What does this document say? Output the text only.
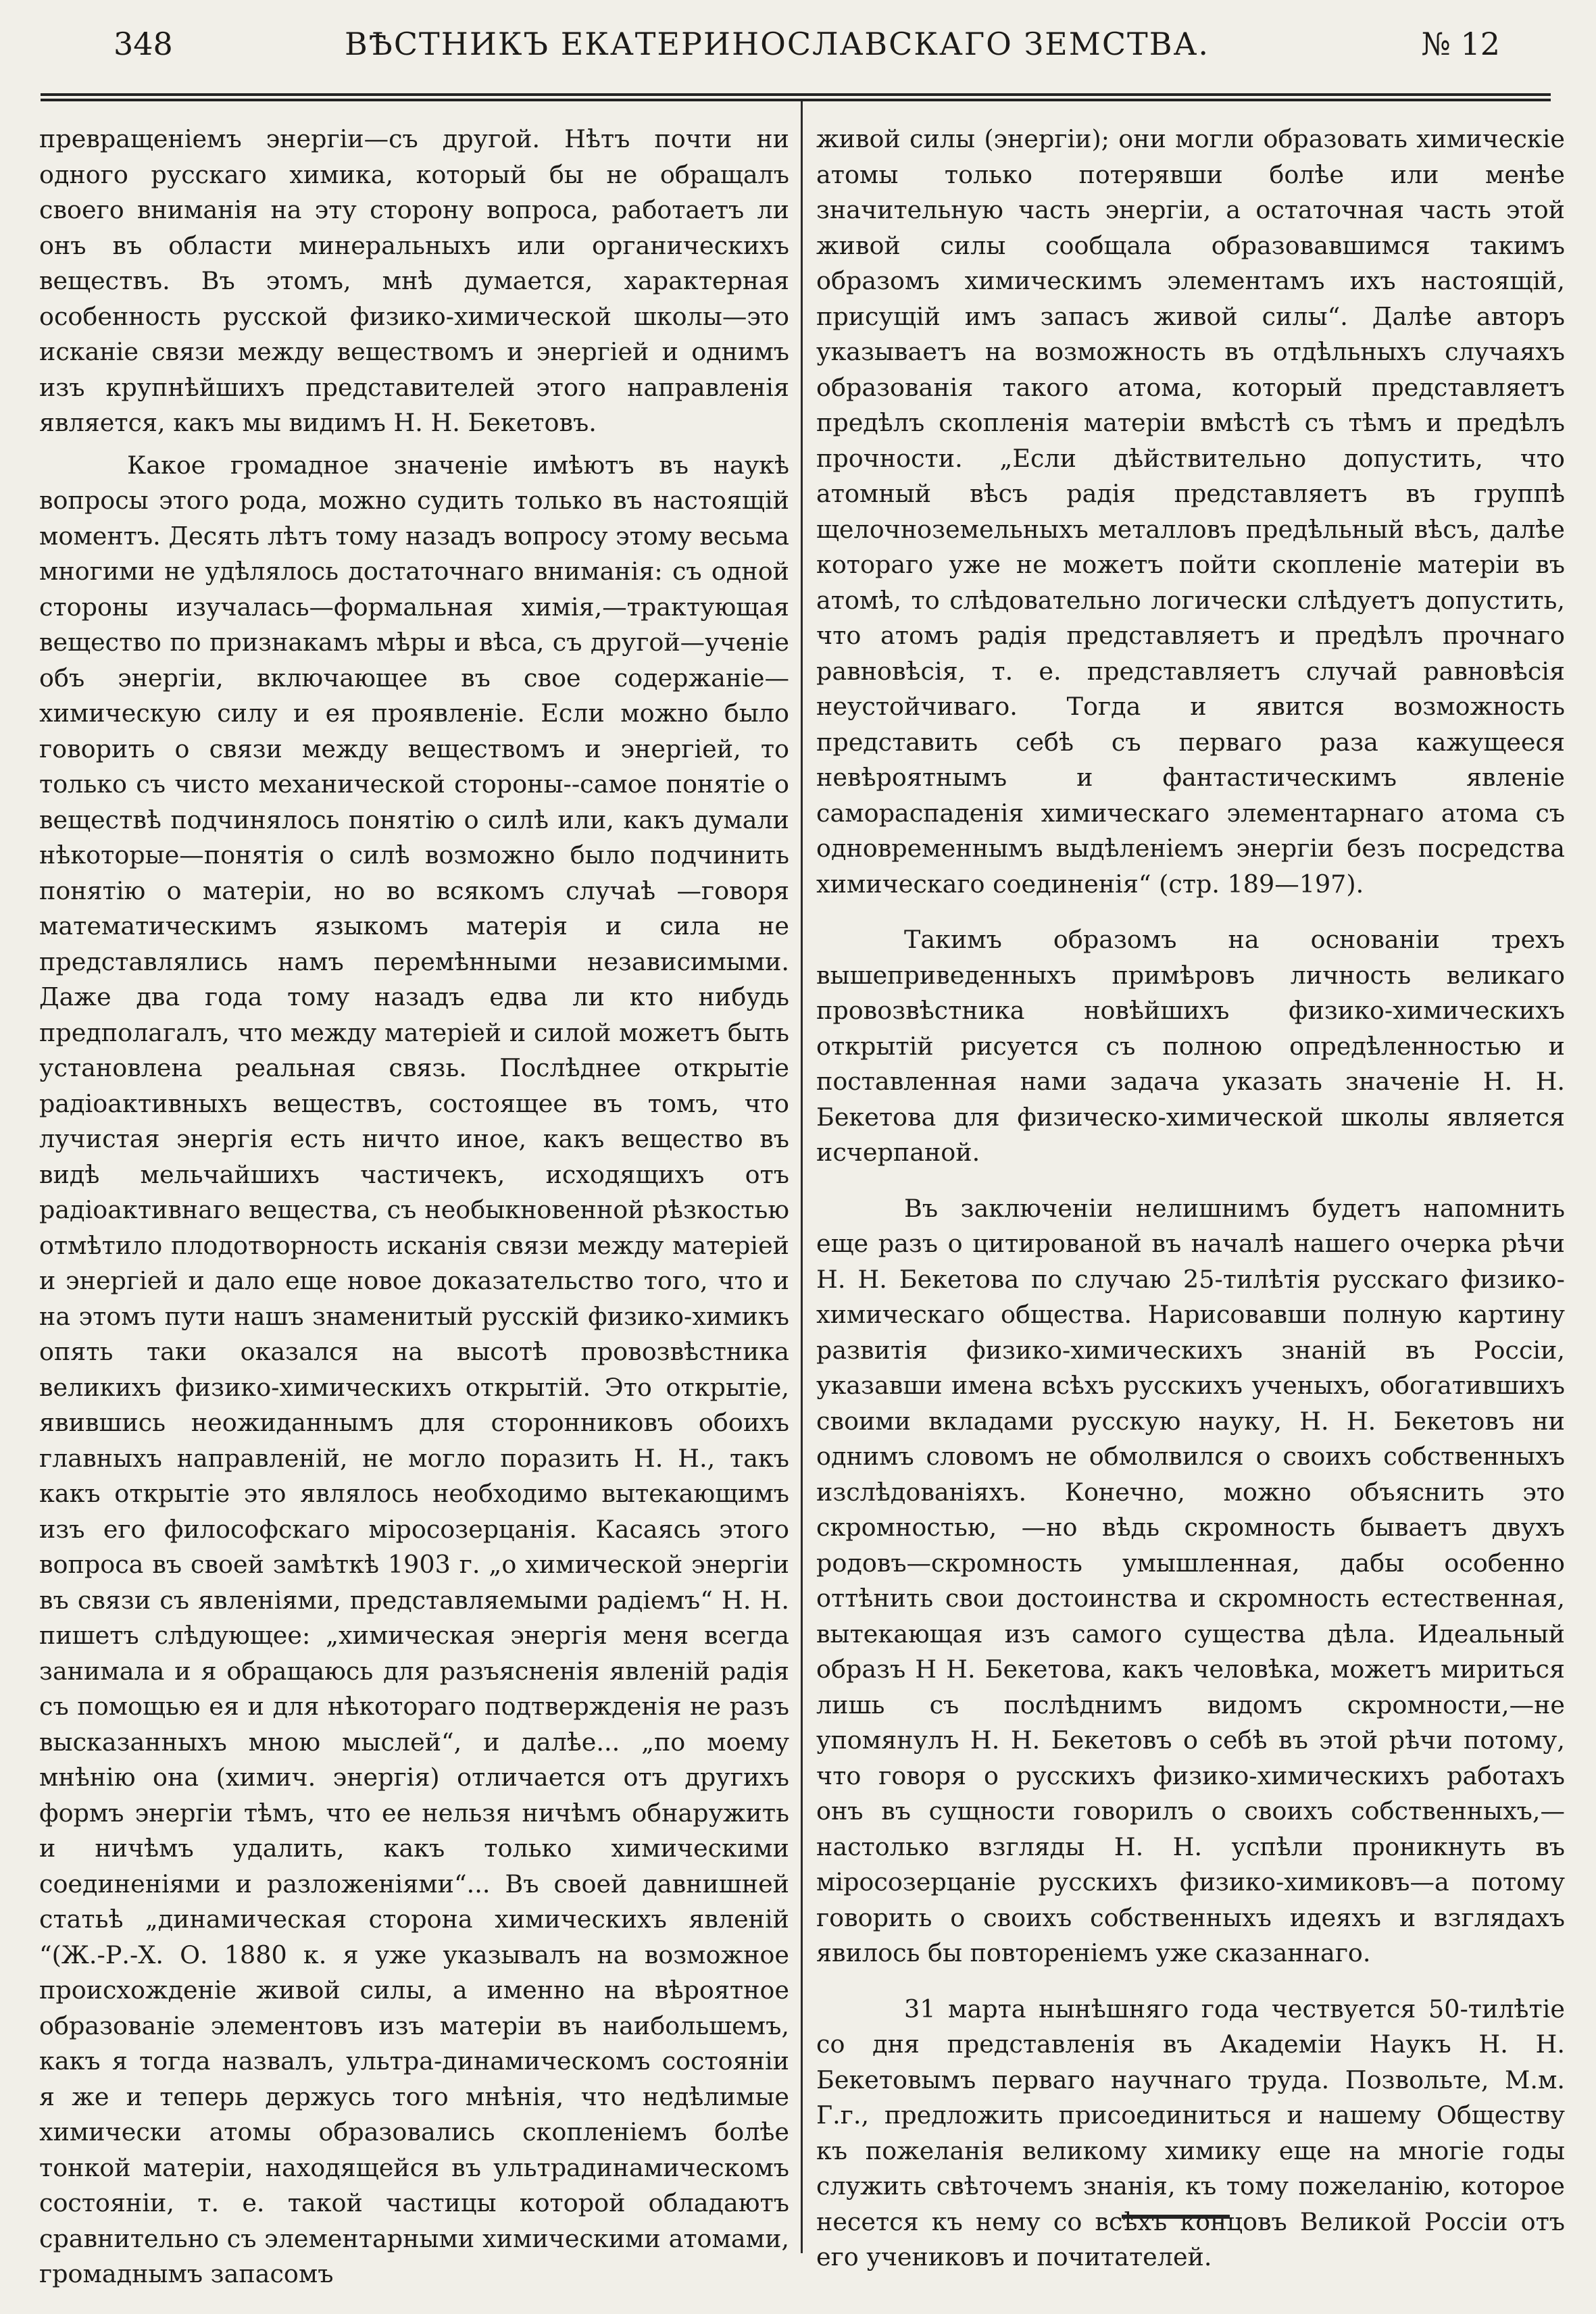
348	ВѢСТНИКЪ ЕКАТЕРИНОСЛАВСКАГО ЗЕМСТВА.	№ 12

превращенiемъ энергiи—съ другой. Нѣтъ почти ни одного русскаго химика, который бы не обращалъ своего вниманiя на эту сторону вопроса, работаетъ ли онъ въ области минеральныхъ или органическихъ веществъ. Въ этомъ, мнѣ думается, характерная особенность русской физико-химической школы—это исканiе связи между веществомъ и энергiей и однимъ изъ крупнѣйшихъ представителей этого направленiя является, какъ мы видимъ Н. Н. Бекетовъ.

Какое громадное значенiе имѣютъ въ наукѣ вопросы этого рода, можно судить только въ настоящiй моментъ. Десять лѣтъ тому назадъ вопросу этому весьма многими не удѣлялось достаточнаго вниманiя: съ одной стороны изучалась—формальная химiя,—трактующая вещество по признакамъ мѣры и вѣса, съ другой—ученiе объ энергiи, включающее въ свое содержанiе—химическую силу и ея проявленiе. Если можно было говорить о связи между веществомъ и энергiей, то только съ чисто механической стороны--самое понятiе о веществѣ подчинялось понятiю о силѣ или, какъ думали нѣкоторые—понятiя о силѣ возможно было подчинить понятiю о матерiи, но во всякомъ случаѣ —говоря математическимъ языкомъ матерiя и сила не представлялись намъ перемѣнными независимыми. Даже два года тому назадъ едва ли кто нибудь предполагалъ, что между матерiей и силой можетъ быть установлена реальная связь. Послѣднее открытiе радiоактивныхъ веществъ, состоящее въ томъ, что лучистая энергiя есть ничто иное, какъ вещество въ видѣ мельчайшихъ частичекъ, исходящихъ отъ радiоактивнаго вещества, съ необыкновенной рѣзкостью отмѣтило плодотворность исканiя связи между матерiей и энергiей и дало еще новое доказательство того, что и на этомъ пути нашъ знаменитый русскiй физико-химикъ опять таки оказался на высотѣ провозвѣстника великихъ физико-химическихъ открытiй. Это открытiе, явившись неожиданнымъ для сторонниковъ обоихъ главныхъ направленiй, не могло поразить Н. Н., такъ какъ открытiе это являлось необходимо вытекающимъ изъ его философскаго мiросозерцанiя. Касаясь этого вопроса въ своей замѣткѣ 1903 г. „о химической энергiи въ связи съ явленiями, представляемыми радiемъ“ Н. Н. пишетъ слѣдующее: „химическая энергiя меня всегда занимала и я обращаюсь для разъясненiя явленiй радiя съ помощью ея и для нѣкотораго подтвержденiя не разъ высказанныхъ мною мыслей“, и далѣе... „по моему мнѣнiю она (химич. энергiя) отличается отъ другихъ формъ энергiи тѣмъ, что ее нельзя ничѣмъ обнаружить и ничѣмъ удалить, какъ только химическими соединенiями и разложенiями“... Въ своей давнишней статьѣ „динамическая сторона химическихъ явленiй “(Ж.-Р.-Х. О. 1880 к. я уже указывалъ на возможное происхожденiе живой силы, а именно на вѣроятное образованiе элементовъ изъ матерiи въ наибольшемъ, какъ я тогда назвалъ, ультра-динамическомъ состоянiи я же и теперь держусь того мнѣнiя, что недѣлимые химически атомы образовались скопленiемъ болѣе тонкой матерiи, находящейся въ ультрадинамическомъ состоянiи, т. е. такой частицы которой обладаютъ сравнительно съ элементарными химическими атомами, громаднымъ запасомъ

живой силы (энергiи); они могли образовать химическiе атомы только потерявши болѣе или менѣе значительную часть энергiи, а остаточная часть этой живой силы сообщала образовавшимся такимъ образомъ химическимъ элементамъ ихъ настоящiй, присущiй имъ запасъ живой силы“. Далѣе авторъ указываетъ на возможность въ отдѣльныхъ случаяхъ образованiя такого атома, который представляетъ предѣлъ скопленiя матерiи вмѣстѣ съ тѣмъ и предѣлъ прочности. „Если дѣйствительно допустить, что атомный вѣсъ радiя представляетъ въ группѣ щелочноземельныхъ металловъ предѣльный вѣсъ, далѣе котораго уже не можетъ пойти скопленiе матерiи въ атомѣ, то слѣдовательно логически слѣдуетъ допустить, что атомъ радiя представляетъ и предѣлъ прочнаго равновѣсiя, т. е. представляетъ случай равновѣсiя неустойчиваго. Тогда и явится возможность представить себѣ съ перваго раза кажущееся невѣроятнымъ и фантастическимъ явленiе самораспаденiя химическаго элементарнаго атома съ одновременнымъ выдѣленiемъ энергiи безъ посредства химическаго соединенiя“ (стр. 189—197).

Такимъ образомъ на основанiи трехъ вышеприведенныхъ примѣровъ личность великаго провозвѣстника новѣйшихъ физико-химическихъ открытiй рисуется съ полною опредѣленностью и поставленная нами задача указать значенiе Н. Н. Бекетова для физическо-химической школы является исчерпаной.

Въ заключенiи нелишнимъ будетъ напомнить еще разъ о цитированой въ началѣ нашего очерка рѣчи Н. Н. Бекетова по случаю 25-тилѣтiя русскаго физико-химическаго общества. Нарисовавши полную картину развитiя физико-химическихъ знанiй въ Россiи, указавши имена всѣхъ русскихъ ученыхъ, обогатившихъ своими вкладами русскую науку, Н. Н. Бекетовъ ни однимъ словомъ не обмолвился о своихъ собственныхъ изслѣдованiяхъ. Конечно, можно объяснить это скромностью, —но вѣдь скромность бываетъ двухъ родовъ—скромность умышленная, дабы особенно оттѣнить свои достоинства и скромность естественная, вытекающая изъ самого существа дѣла. Идеальный образъ Н Н. Бекетова, какъ человѣка, можетъ мириться лишь съ послѣднимъ видомъ скромности,—не упомянулъ Н. Н. Бекетовъ о себѣ въ этой рѣчи потому, что говоря о русскихъ физико-химическихъ работахъ онъ въ сущности говорилъ о своихъ собственныхъ,—настолько взгляды Н. Н. успѣли проникнуть въ мiросозерцанiе русскихъ физико-химиковъ—а потому говорить о своихъ собственныхъ идеяхъ и взглядахъ явилось бы повторенiемъ уже сказаннаго.

31 марта нынѣшняго года чествуется 50-тилѣтiе со дня представленiя въ Академiи Наукъ Н. Н. Бекетовымъ перваго научнаго труда. Позвольте, М.м. Г.г., предложить присоединиться и нашему Обществу къ пожеланiя великому химику еще на многiе годы служить свѣточемъ знанiя, къ тому пожеланiю, которое несется къ нему со всѣхъ концовъ Великой Россiи отъ его учениковъ и почитателей.
